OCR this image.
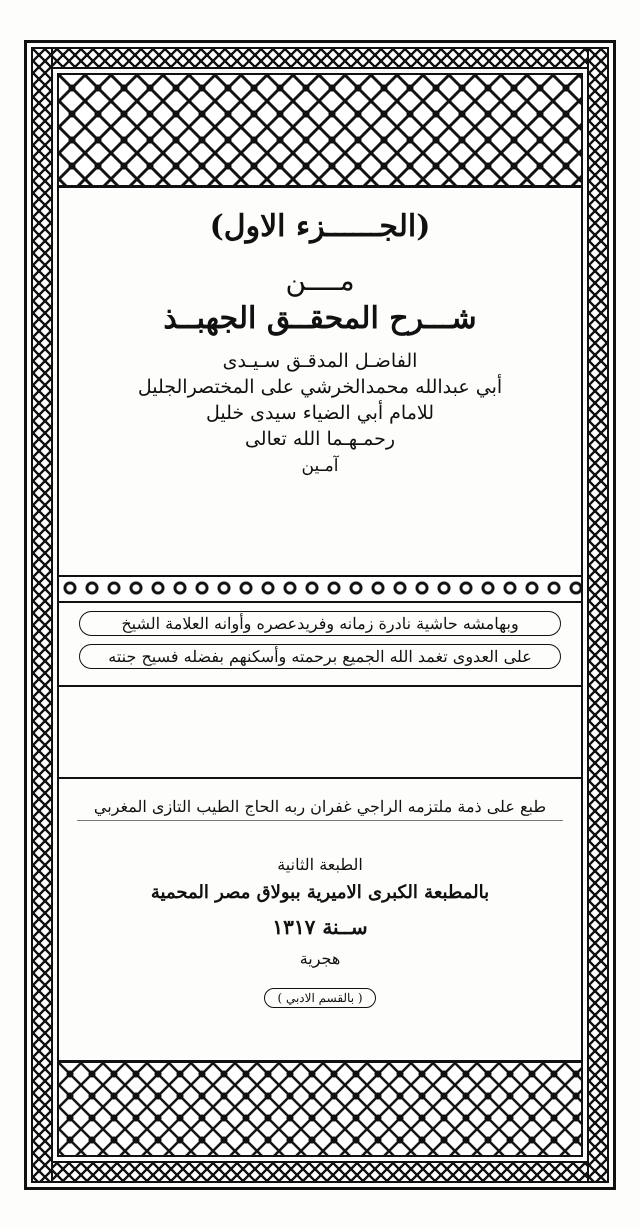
(الجــــــزء الاول)
مــــن
شـــرح المحقــق الجهبــذ
الفاضـل المدقـق سـيـدى
أبي عبدالله محمدالخرشي على المختصرالجليل
للامام أبي الضياء سيدى خليل
رحمـهـما الله تعالى
آمـين
وبهامشه حاشية نادرة زمانه وفريدعصره وأوانه العلامة الشيخ
على العدوى تغمد الله الجميع برحمته وأسكنهم بفضله فسيح جنته
طبع على ذمة ملتزمه الراجي غفران ربه الحاج الطيب التازى المغربي
الطبعة الثانية
بالمطبعة الكبرى الاميرية ببولاق مصر المحمية
ســنة ١٣١٧
هجرية
( بالقسم الادبي )
